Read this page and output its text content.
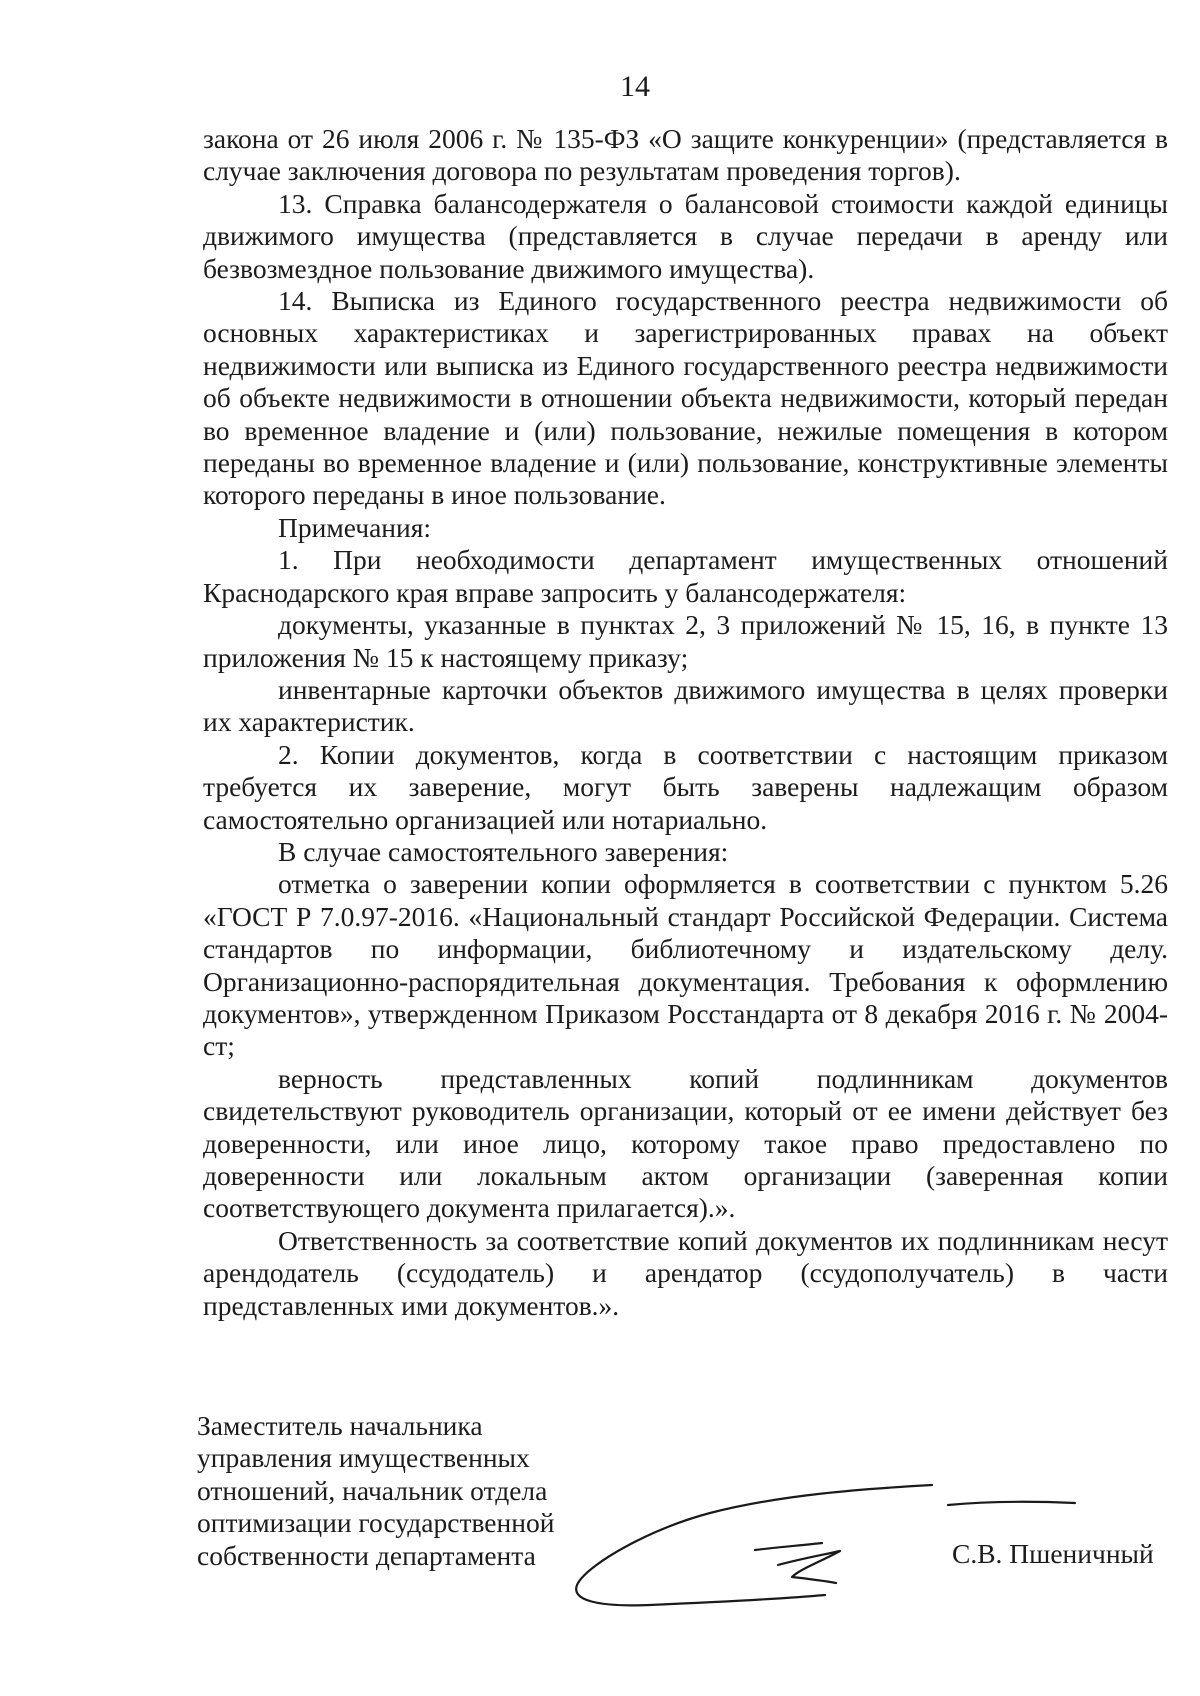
14

закона от 26 июля 2006 г. № 135-ФЗ «О защите конкуренции» (представляется в случае заключения договора по результатам проведения торгов).

13. Справка балансодержателя о балансовой стоимости каждой единицы движимого имущества (представляется в случае передачи в аренду или безвозмездное пользование движимого имущества).

14. Выписка из Единого государственного реестра недвижимости об основных характеристиках и зарегистрированных правах на объект недвижимости или выписка из Единого государственного реестра недвижимости об объекте недвижимости в отношении объекта недвижимости, который передан во временное владение и (или) пользование, нежилые помещения в котором переданы во временное владение и (или) пользование, конструктивные элементы которого переданы в иное пользование.

Примечания:

1. При необходимости департамент имущественных отношений Краснодарского края вправе запросить у балансодержателя:

документы, указанные в пунктах 2, 3 приложений № 15, 16, в пункте 13 приложения № 15 к настоящему приказу;

инвентарные карточки объектов движимого имущества в целях проверки их характеристик.

2. Копии документов, когда в соответствии с настоящим приказом требуется их заверение, могут быть заверены надлежащим образом самостоятельно организацией или нотариально.

В случае самостоятельного заверения:

отметка о заверении копии оформляется в соответствии с пунктом 5.26 «ГОСТ Р 7.0.97-2016. «Национальный стандарт Российской Федерации. Система стандартов по информации, библиотечному и издательскому делу. Организационно-распорядительная документация. Требования к оформлению документов», утвержденном Приказом Росстандарта от 8 декабря 2016 г. № 2004-ст;

верность представленных копий подлинникам документов свидетельствуют руководитель организации, который от ее имени действует без доверенности, или иное лицо, которому такое право предоставлено по доверенности или локальным актом организации (заверенная копии соответствующего документа прилагается).».

Ответственность за соответствие копий документов их подлинникам несут арендодатель (ссудодатель) и арендатор (ссудополучатель) в части представленных ими документов.».

Заместитель начальника
управления имущественных
отношений, начальник отдела
оптимизации государственной
собственности департамента	С.В. Пшеничный
